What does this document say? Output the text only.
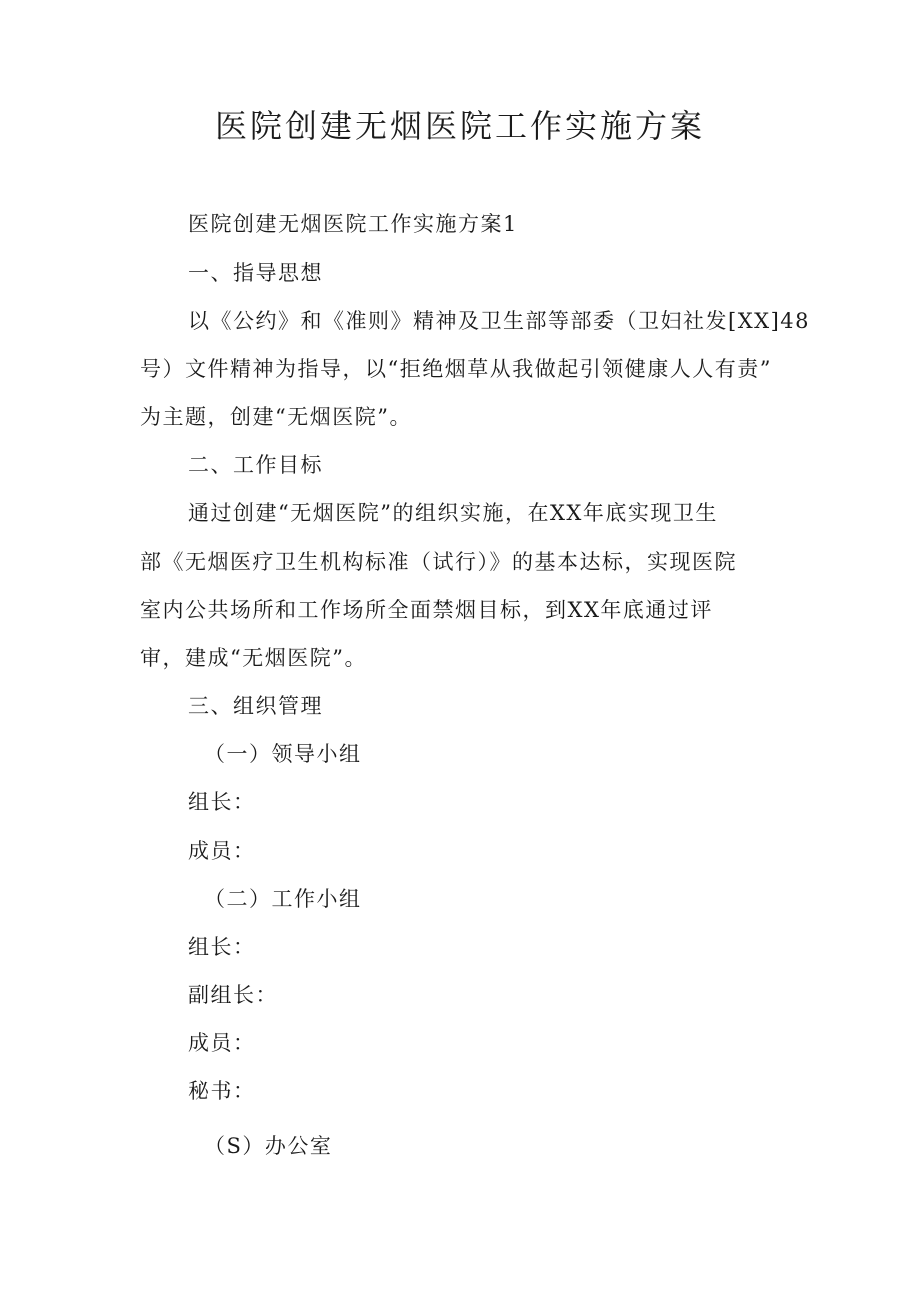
医院创建无烟医院工作实施方案
医院创建无烟医院工作实施方案1
一、指导思想
以《公约》和《准则》精神及卫生部等部委（卫妇社发[XX]48
号）文件精神为指导，以“拒绝烟草从我做起引领健康人人有责”
为主题，创建“无烟医院”。
二、工作目标
通过创建“无烟医院”的组织实施，在XX年底实现卫生
部《无烟医疗卫生机构标准（试行）》的基本达标，实现医院
室内公共场所和工作场所全面禁烟目标，到XX年底通过评
审，建成“无烟医院”。
三、组织管理
（一）领导小组
组长：
成员：
（二）工作小组
组长：
副组长：
成员：
秘书：
（S）办公室
